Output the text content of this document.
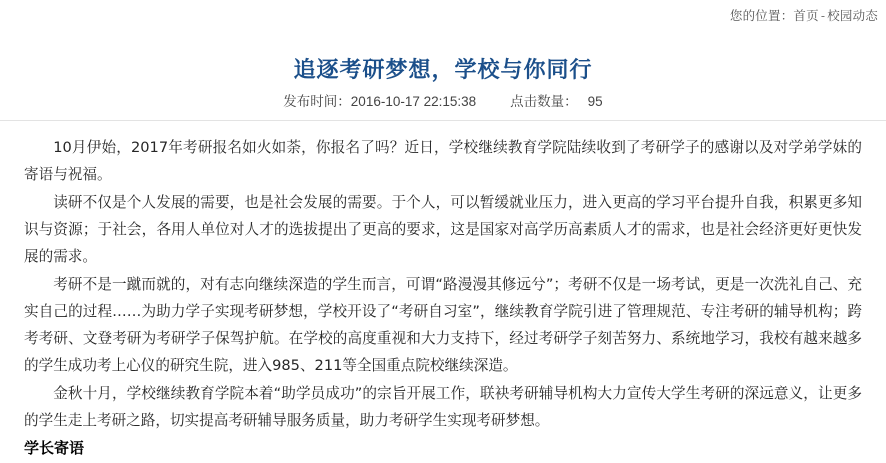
您的位置：首页 - 校园动态
追逐考研梦想，学校与你同行
发布时间：2016-10-17 22:15:38	点击数量： 95

10月伊始，2017年考研报名如火如荼，你报名了吗？近日，学校继续教育学院陆续收到了考研学子的感谢以及对学弟学妹的寄语与祝福。

读研不仅是个人发展的需要，也是社会发展的需要。于个人，可以暂缓就业压力，进入更高的学习平台提升自我，积累更多知识与资源；于社会，各用人单位对人才的选拔提出了更高的要求，这是国家对高学历高素质人才的需求，也是社会经济更好更快发展的需求。

考研不是一蹴而就的，对有志向继续深造的学生而言，可谓“路漫漫其修远兮”；考研不仅是一场考试，更是一次洗礼自己、充实自己的过程……为助力学子实现考研梦想，学校开设了“考研自习室”，继续教育学院引进了管理规范、专注考研的辅导机构；跨考考研、文登考研为考研学子保驾护航。在学校的高度重视和大力支持下，经过考研学子刻苦努力、系统地学习，我校有越来越多的学生成功考上心仪的研究生院，进入985、211等全国重点院校继续深造。

金秋十月，学校继续教育学院本着“助学员成功”的宗旨开展工作，联袂考研辅导机构大力宣传大学生考研的深远意义，让更多的学生走上考研之路，切实提高考研辅导服务质量，助力考研学生实现考研梦想。

学长寄语
